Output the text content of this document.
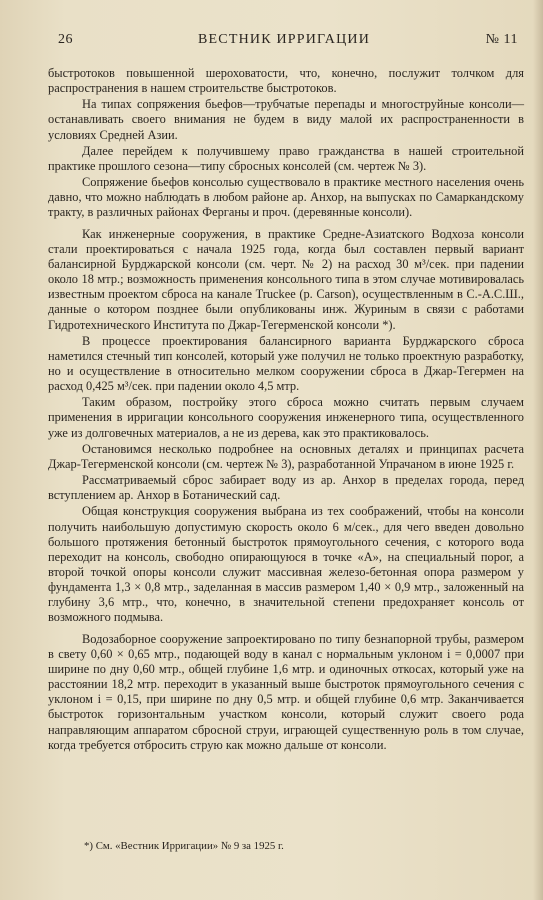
26	ВЕСТНИК ИРРИГАЦИИ	№ 11

быстротоков повышенной шероховатости, что, конечно, послужит толчком для распространения в нашем строительстве быстротоков.

На типах сопряжения бьефов—трубчатые перепады и многоструйные консоли—останавливать своего внимания не будем в виду малой их распространенности в условиях Средней Азии.

Далее перейдем к получившему право гражданства в нашей строительной практике прошлого сезона—типу сбросных консолей (см. чертеж № 3).

Сопряжение бьефов консолью существовало в практике местного населения очень давно, что можно наблюдать в любом районе ар. Анхор, на выпусках по Самаркандскому тракту, в различных районах Ферганы и проч. (деревянные консоли).

Как инженерные сооружения, в практике Средне-Азиатского Водхоза консоли стали проектироваться с начала 1925 года, когда был составлен первый вариант балансирной Бурджарской консоли (см. черт. № 2) на расход 30 м³/сек. при падении около 18 мтр.; возможность применения консольного типа в этом случае мотивировалась известным проектом сброса на канале Truckee (р. Carson), осуществленным в С.-А.С.Ш., данные о котором позднее были опубликованы инж. Журиным в связи с работами Гидротехнического Института по Джар-Тегерменской консоли *).

В процессе проектирования балансирного варианта Бурджарского сброса наметился стечный тип консолей, который уже получил не только проектную разработку, но и осуществление в относительно мелком сооружении сброса в Джар-Тегермен на расход 0,425 м³/сек. при падении около 4,5 мтр.

Таким образом, постройку этого сброса можно считать первым случаем применения в ирригации консольного сооружения инженерного типа, осуществленного уже из долговечных материалов, а не из дерева, как это практиковалось.

Остановимся несколько подробнее на основных деталях и принципах расчета Джар-Тегерменской консоли (см. чертеж № 3), разработанной Упрачаном в июне 1925 г.

Рассматриваемый сброс забирает воду из ар. Анхор в пределах города, перед вступлением ар. Анхор в Ботанический сад.

Общая конструкция сооружения выбрана из тех соображений, чтобы на консоли получить наибольшую допустимую скорость около 6 м/сек., для чего введен довольно большого протяжения бетонный быстроток прямоугольного сечения, с которого вода переходит на консоль, свободно опирающуюся в точке «А», на специальный порог, а второй точкой опоры консоли служит массивная железо-бетонная опора размером у фундамента 1,3 × 0,8 мтр., заделанная в массив размером 1,40 × 0,9 мтр., заложенный на глубину 3,6 мтр., что, конечно, в значительной степени предохраняет консоль от возможного подмыва.

Водозаборное сооружение запроектировано по типу безнапорной трубы, размером в свету 0,60 × 0,65 мтр., подающей воду в канал с нормальным уклоном i = 0,0007 при ширине по дну 0,60 мтр., общей глубине 1,6 мтр. и одиночных откосах, который уже на расстоянии 18,2 мтр. переходит в указанный выше быстроток прямоугольного сечения с уклоном i = 0,15, при ширине по дну 0,5 мтр. и общей глубине 0,6 мтр. Заканчивается быстроток горизонтальным участком консоли, который служит своего рода направляющим аппаратом сбросной струи, играющей существенную роль в том случае, когда требуется отбросить струю как можно дальше от консоли.

*) См. «Вестник Ирригации» № 9 за 1925 г.
